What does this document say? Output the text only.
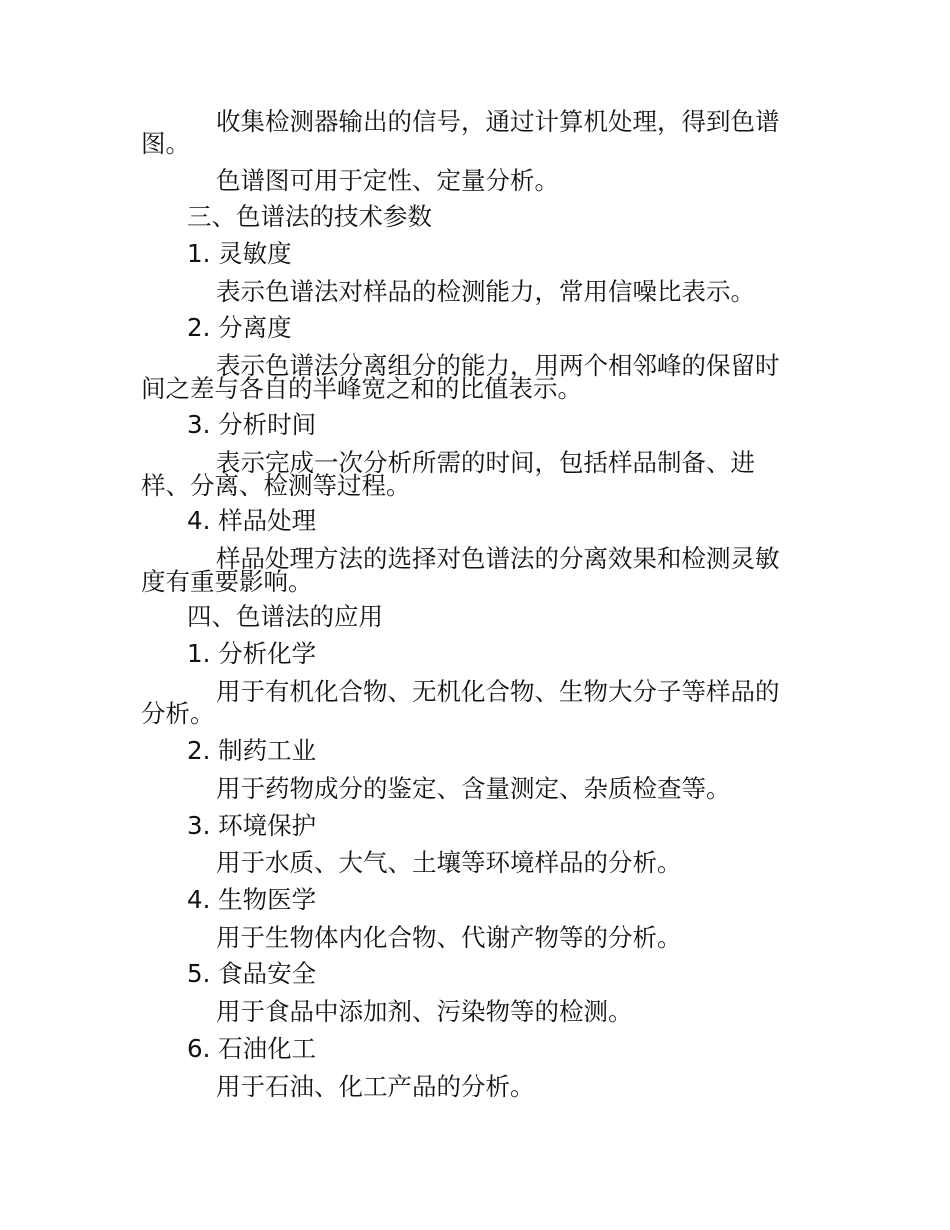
收集检测器输出的信号，通过计算机处理，得到色谱
图。
色谱图可用于定性、定量分析。
三、色谱法的技术参数
1. 灵敏度
表示色谱法对样品的检测能力，常用信噪比表示。
2. 分离度
表示色谱法分离组分的能力，用两个相邻峰的保留时
间之差与各自的半峰宽之和的比值表示。
3. 分析时间
表示完成一次分析所需的时间，包括样品制备、进
样、分离、检测等过程。
4. 样品处理
样品处理方法的选择对色谱法的分离效果和检测灵敏
度有重要影响。
四、色谱法的应用
1. 分析化学
用于有机化合物、无机化合物、生物大分子等样品的
分析。
2. 制药工业
用于药物成分的鉴定、含量测定、杂质检查等。
3. 环境保护
用于水质、大气、土壤等环境样品的分析。
4. 生物医学
用于生物体内化合物、代谢产物等的分析。
5. 食品安全
用于食品中添加剂、污染物等的检测。
6. 石油化工
用于石油、化工产品的分析。
